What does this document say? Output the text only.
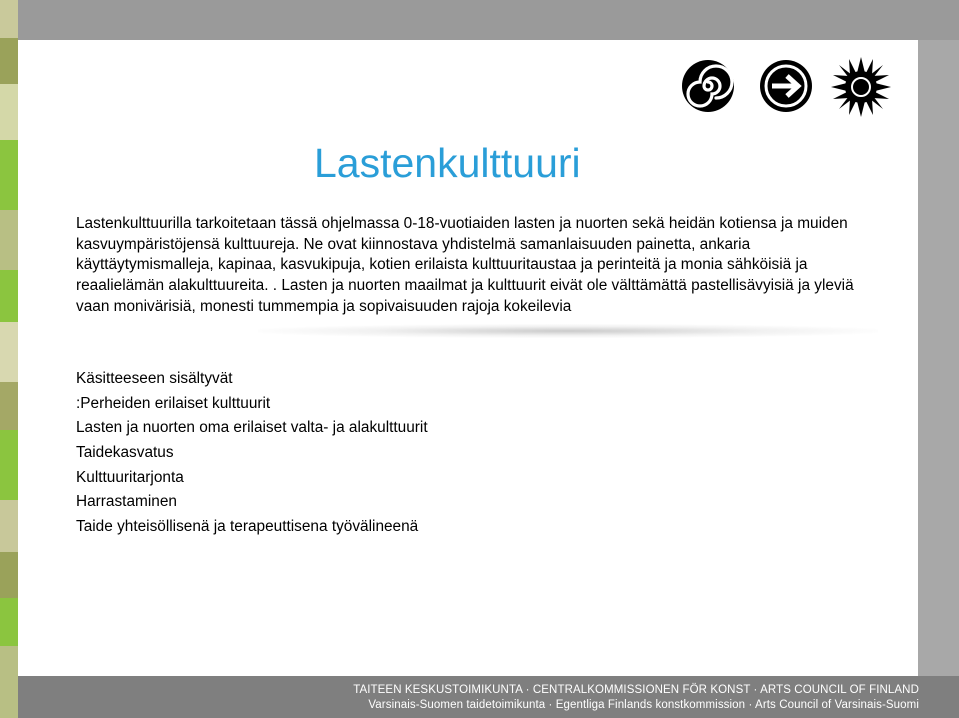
Lastenkulttuuri

Lastenkulttuurilla tarkoitetaan tässä ohjelmassa 0-18-vuotiaiden lasten ja nuorten sekä heidän kotiensa ja muiden kasvuympäristöjensä kulttuureja. Ne ovat kiinnostava yhdistelmä samanlaisuuden painetta, ankaria käyttäytymismalleja, kapinaa, kasvukipuja, kotien erilaista kulttuuritaustaa ja perinteitä ja monia sähköisiä ja reaalielämän alakulttuureita. . Lasten ja nuorten maailmat ja kulttuurit eivät ole välttämättä pastellisävyisiä ja yleviä vaan monivärisiä, monesti tummempia ja sopivaisuuden rajoja kokeilevia

Käsitteeseen sisältyvät
:Perheiden erilaiset kulttuurit
Lasten ja nuorten oma erilaiset valta- ja alakulttuurit
Taidekasvatus
Kulttuuritarjonta
Harrastaminen
Taide yhteisöllisenä ja terapeuttisena työvälineenä
TAITEEN KESKUSTOIMIKUNTA · CENTRALKOMMISSIONEN FÖR KONST · ARTS COUNCIL OF FINLAND
Varsinais-Suomen taidetoimikunta · Egentliga Finlands konstkommission · Arts Council of Varsinais-Suomi
